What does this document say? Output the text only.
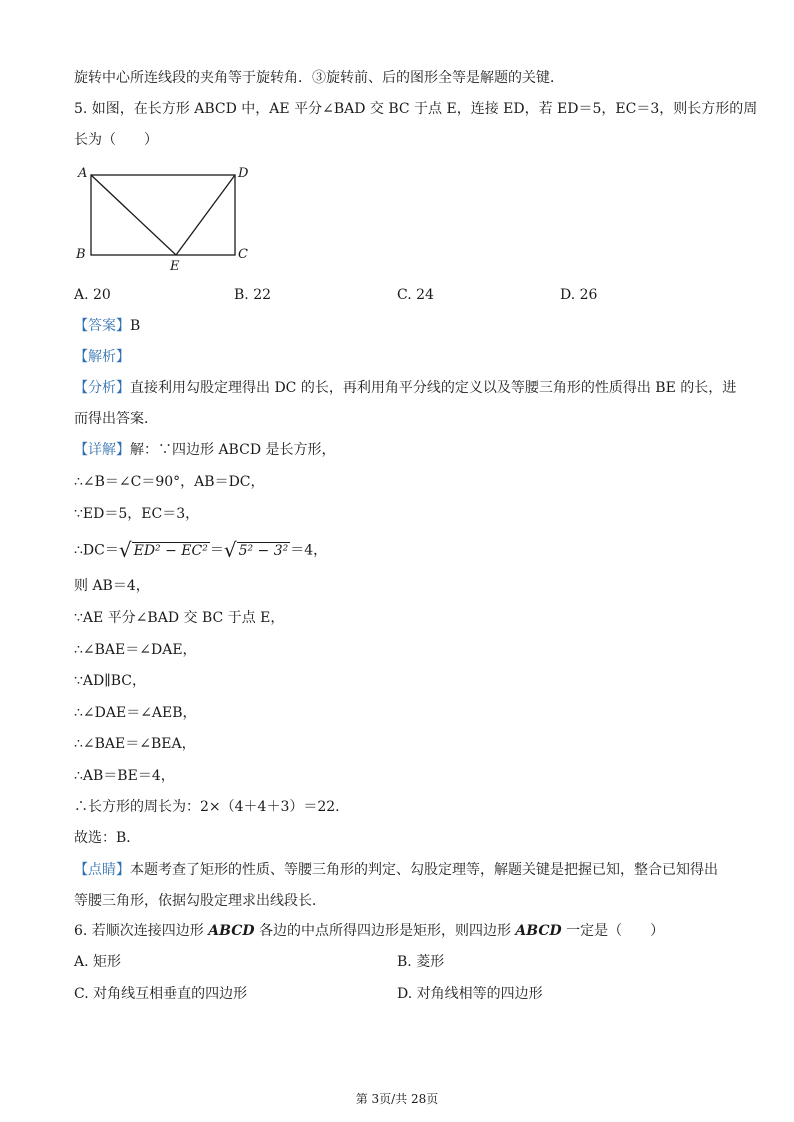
旋转中心所连线段的夹角等于旋转角．③旋转前、后的图形全等是解题的关键．
5. 如图，在长方形 ABCD 中，AE 平分∠BAD 交 BC 于点 E，连接 ED，若 ED＝5，EC＝3，则长方形的周
长为（　　）
A	D
B	C
E
A. 20	B. 22	C. 24	D. 26
【答案】B
【解析】
【分析】直接利用勾股定理得出 DC 的长，再利用角平分线的定义以及等腰三角形的性质得出 BE 的长，进
而得出答案．
【详解】解：∵四边形 ABCD 是长方形，
∴∠B＝∠C＝90°，AB＝DC，
∵ED＝5，EC＝3，
∴DC＝√ ED² − EC² ＝√ 5² − 3² ＝4，
则 AB＝4，
∵AE 平分∠BAD 交 BC 于点 E，
∴∠BAE＝∠DAE，
∵AD∥BC，
∴∠DAE＝∠AEB，
∴∠BAE＝∠BEA，
∴AB＝BE＝4，
∴长方形的周长为：2×（4＋4＋3）＝22.
故选：B．
【点睛】本题考查了矩形的性质、等腰三角形的判定、勾股定理等，解题关键是把握已知，整合已知得出
等腰三角形，依据勾股定理求出线段长．
6. 若顺次连接四边形 ABCD 各边的中点所得四边形是矩形，则四边形 ABCD 一定是（　　）
A. 矩形	B. 菱形
C. 对角线互相垂直的四边形	D. 对角线相等的四边形
第 3页/共 28页
